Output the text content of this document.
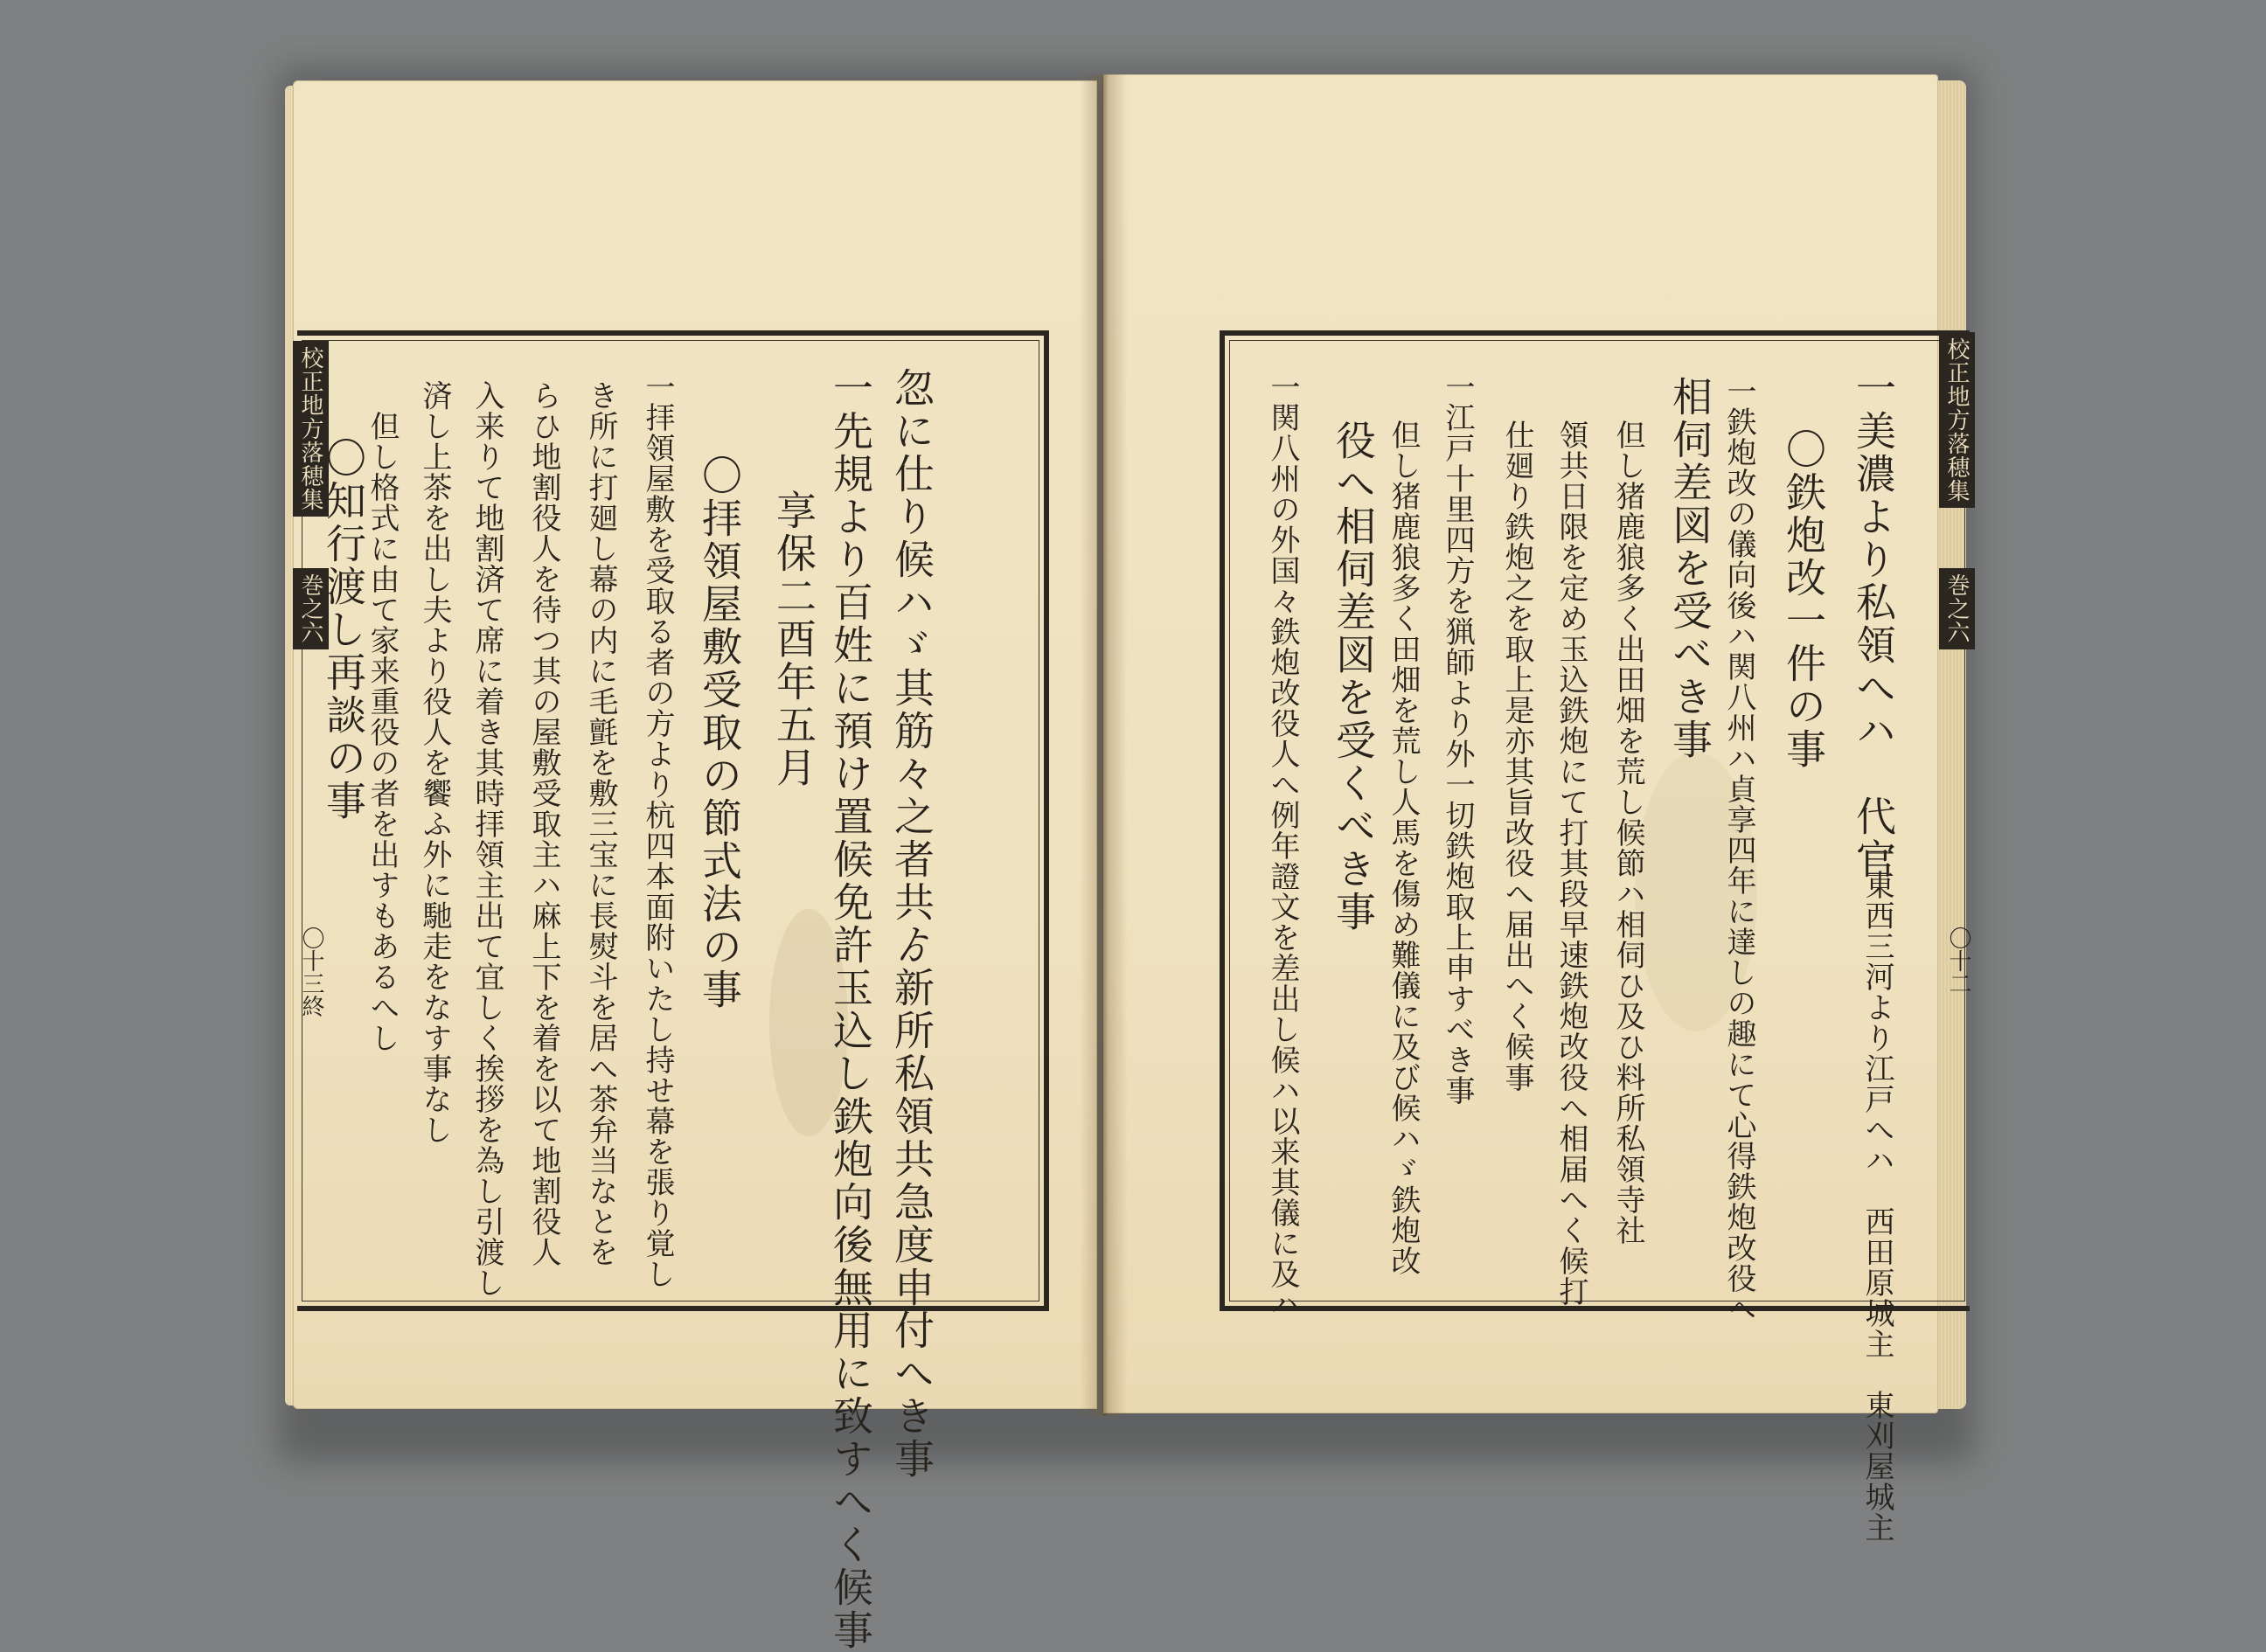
校正地方落穂集
巻之六
〇十三終	忽に仕り候ハゞ其筋々之者共ゟ新所私領共急度申付へき事
一先規より百姓に預け置候免許玉込し鉄炮向後無用に致すへく候事
享保二酉年五月
〇拝領屋敷受取の節式法の事
一拝領屋敷を受取る者の方より杭四本面附いたし持せ幕を張り覚し
き所に打廻し幕の内に毛氈を敷三宝に長熨斗を居へ茶弁当なとを
らひ地割役人を待つ其の屋敷受取主ハ麻上下を着を以て地割役人
入来りて地割済て席に着き其時拝領主出て宜しく挨拶を為し引渡し
済し上茶を出し夫より役人を饗ふ外に馳走をなす事なし
但し格式に由て家来重役の者を出すもあるへし
〇知行渡し再談の事
校正地方落穂集
巻之六
〇十二
一美濃より私領へハ　代官
一東西三河より江戸へハ　西田原城主　東刈屋城主
〇鉄炮改一件の事
一鉄炮改の儀向後ハ関八州ハ貞享四年に達しの趣にて心得鉄炮改役へ
相伺差図を受べき事
但し猪鹿狼多く出田畑を荒し候節ハ相伺ひ及ひ料所私領寺社
領共日限を定め玉込鉄炮にて打其段早速鉄炮改役へ相届へく候打
仕廻り鉄炮之を取上是亦其旨改役へ届出へく候事
一江戸十里四方を猟師より外一切鉄炮取上申すべき事
但し猪鹿狼多く田畑を荒し人馬を傷め難儀に及び候ハゞ鉄炮改
役へ相伺差図を受くべき事
一関八州の外国々鉄炮改役人へ例年證文を差出し候ハ以来其儀に及ハ
